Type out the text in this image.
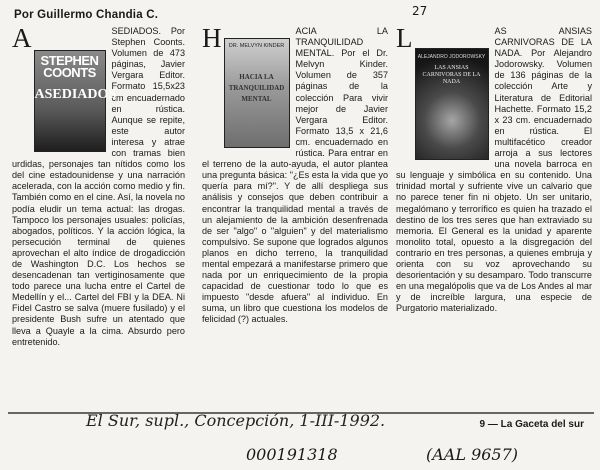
Por Guillermo Chandia C.	27

A
STEPHEN COONTS
ASEDIADOS
SEDIADOS. Por Stephen Coonts. Volumen de 473 páginas, Javier Vergara Editor. Formato 15,5x23 cm encuadernado en rústica. Aunque se repite, este autor interesa y atrae con tramas bien urdidas, personajes tan nítidos como los del cine estadounidense y una narración acelerada, con la acción como medio y fin. También como en el cine. Así, la novela no podía eludir un tema actual: las drogas. Tampoco los personajes usuales: policías, abogados, políticos. Y la acción lógica, la persecución terminal de quienes aprovechan el alto índice de drogadicción de Washington D.C. Los hechos se desencadenan tan vertiginosamente que todo parece una lucha entre el Cartel de Medellín y el... Cartel del FBI y la DEA. Ni Fidel Castro se salva (muere fusilado) y el presidente Bush sufre un atentado que lleva a Quayle a la cima. Absurdo pero entretenido.

H	DR. MELVYN KINDER
HACIA LA TRANQUILIDAD MENTAL
ACIA LA TRANQUILIDAD MENTAL. Por el Dr. Melvyn Kinder. Volumen de 357 páginas de la colección Para vivir mejor de Javier Vergara Editor. Formato 13,5 x 21,6 cm. encuadernado en rústica. Para entrar en el terreno de la auto-ayuda, el autor plantea una pregunta básica: "¿Es esta la vida que yo quería para mí?". Y de allí despliega sus análisis y consejos que deben contribuir a encontrar la tranquilidad mental a través de un alejamiento de la ambición desenfrenada de ser "algo" o "alguien" y del materialismo compulsivo. Se supone que logrados algunos planos en dicho terreno, la tranquilidad mental empezará a manifestarse primero que nada por un enriquecimiento de la propia capacidad de cuestionar todo lo que es impuesto "desde afuera" al individuo. En suma, un libro que cuestiona los modelos de felicidad (?) actuales.

L
ALEJANDRO JODOROWSKY
LAS ANSIAS CARNIVORAS DE LA NADA
AS ANSIAS CARNIVORAS DE LA NADA. Por Alejandro Jodorowsky. Volumen de 136 páginas de la colección Arte y Literatura de Editorial Hachette. Formato 15,2 x 23 cm. encuadernado en rústica. El multifacético creador arroja a sus lectores una novela barroca en su lenguaje y simbólica en su contenido. Una trinidad mortal y sufriente vive un calvario que no parece tener fin ni objeto. Un ser unitario, megalómano y terrorífico es quien ha trazado el destino de los tres seres que han extraviado su memoria. El General es la unidad y aparente monolito total, opuesto a la disgregación del contrario en tres personas, a quienes embruja y orienta con su voz aprovechando su desorientación y su desamparo. Todo transcurre en una megalópolis que va de Los Andes al mar y de increíble largura, una especie de Purgatorio materializado.

El Sur, supl., Concepción, 1-III-1992.	9 — La Gaceta del sur
000191318	(AAL 9657)
